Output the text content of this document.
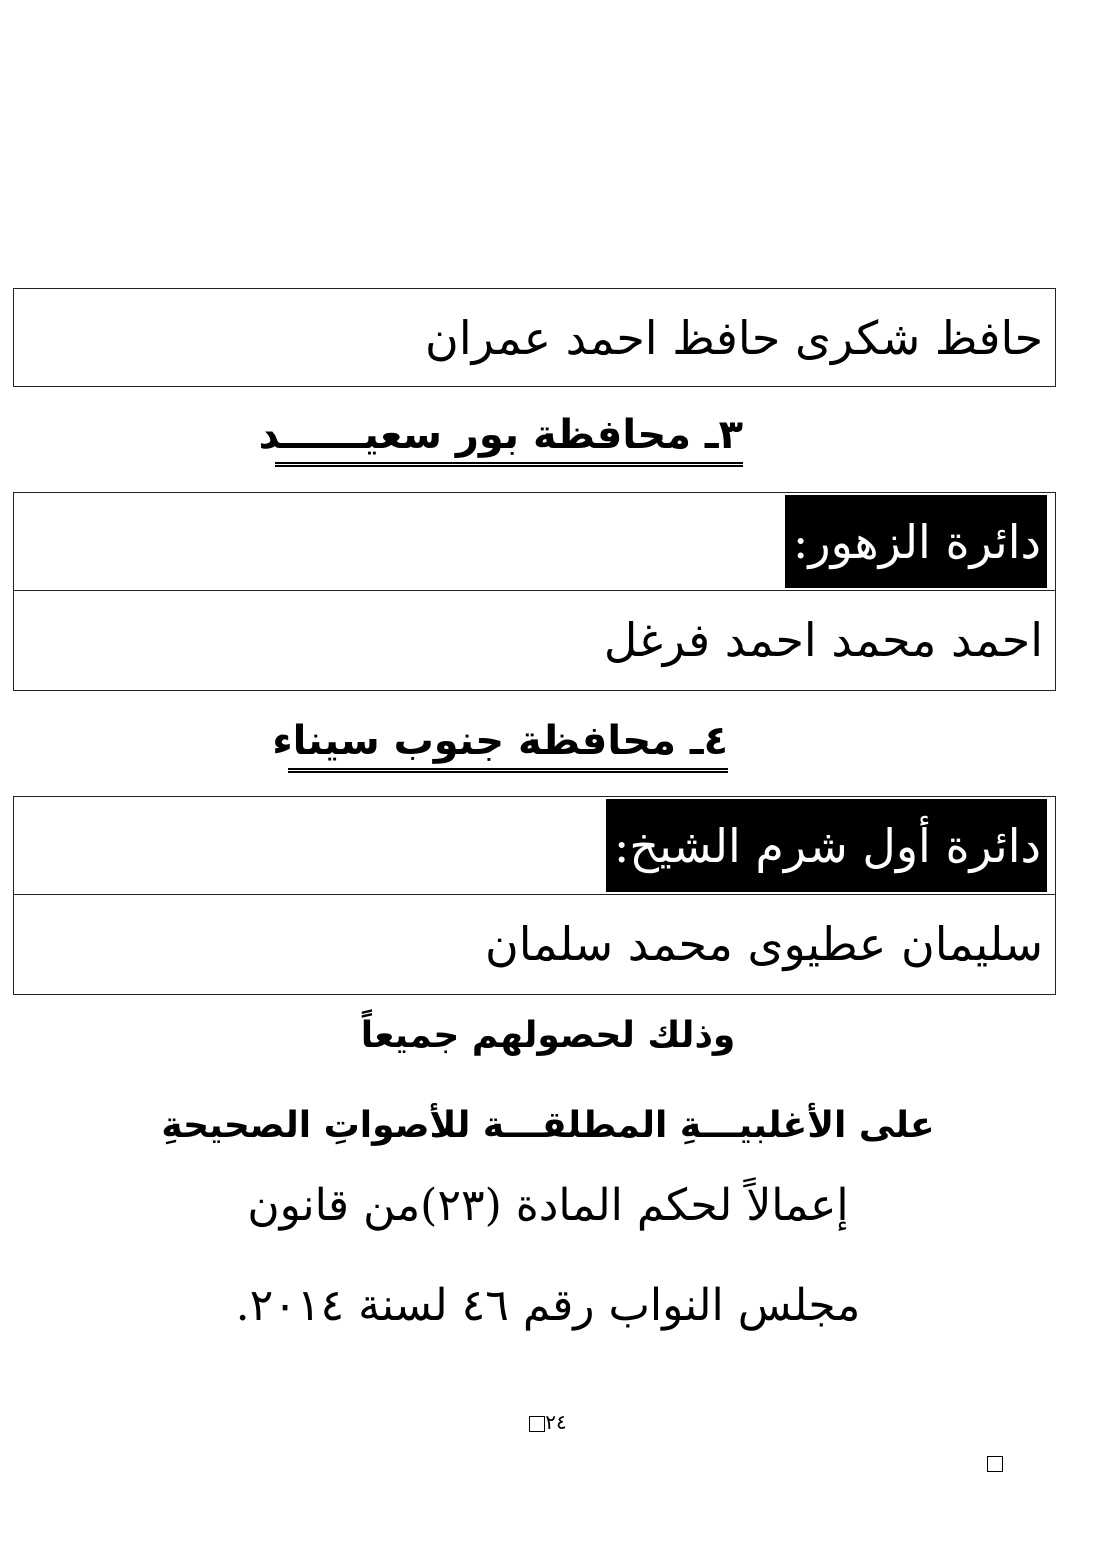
حافظ شكرى حافظ احمد عمران
٣ـ محافظة بور سعيــــــد
دائرة الزهور:
احمد محمد احمد فرغل
٤ـ محافظة جنوب سيناء
دائرة أول شرم الشيخ:
سليمان عطيوى محمد سلمان
وذلك لحصولهم جميعاً
على الأغلبيـــةِ المطلقـــة للأصواتِ الصحيحةِ
إعمالاً لحكم المادة (٢٣)من قانون
مجلس النواب رقم ٤٦ لسنة ٢٠١٤.
٢٤
